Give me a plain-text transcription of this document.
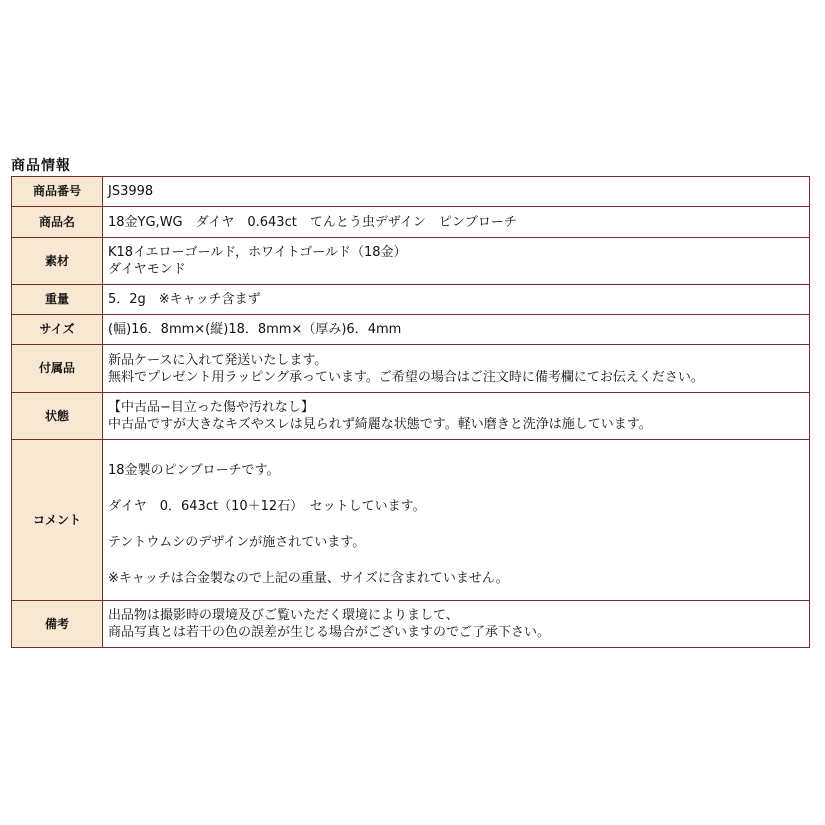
商品情報
商品番号	JS3998

商品名	18金YG,WG　ダイヤ　0.643ct　てんとう虫デザイン　ピンブローチ

素材	K18イエローゴールド，ホワイトゴールド（18金）
ダイヤモンド

重量	5．2g　※キャッチ含まず

サイズ	(幅)16．8mm×(縦)18．8mm×（厚み)6．4mm

付属品	新品ケースに入れて発送いたします。
無料でプレゼント用ラッピング承っています。ご希望の場合はご注文時に備考欄にてお伝えください。

状態	【中古品−目立った傷や汚れなし】
中古品ですが大きなキズやスレは見られず綺麗な状態です。軽い磨きと洗浄は施しています。

コメント	18金製のピンブローチです。
ダイヤ　0．643ct（10＋12石）　セットしています。
テントウムシのデザインが施されています。
※キャッチは合金製なので上記の重量、サイズに含まれていません。

備考	出品物は撮影時の環境及びご覧いただく環境によりまして、
商品写真とは若干の色の誤差が生じる場合がございますのでご了承下さい。
